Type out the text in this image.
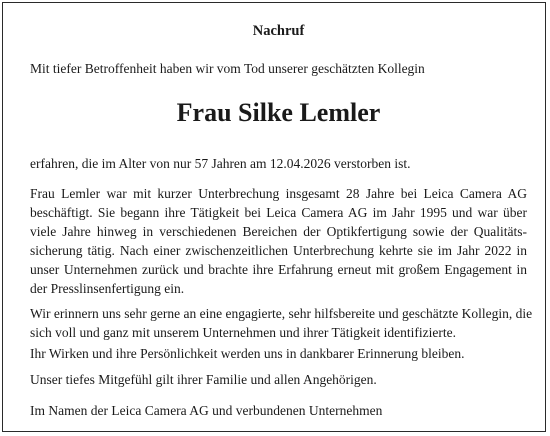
Nachruf

Mit tiefer Betroffenheit haben wir vom Tod unserer geschätzten Kollegin

Frau Silke Lemler

erfahren, die im Alter von nur 57 Jahren am 12.04.2026 verstorben ist.

Frau Lemler war mit kurzer Unterbrechung insgesamt 28 Jahre bei Leica Camera AG
beschäftigt. Sie begann ihre Tätigkeit bei Leica Camera AG im Jahr 1995 und war über
viele Jahre hinweg in verschiedenen Bereichen der Optikfertigung sowie der Qualitäts-
sicherung tätig. Nach einer zwischenzeitlichen Unterbrechung kehrte sie im Jahr 2022 in
unser Unternehmen zurück und brachte ihre Erfahrung erneut mit großem Engagement in
der Presslinsenfertigung ein.

Wir erinnern uns sehr gerne an eine engagierte, sehr hilfsbereite und geschätzte Kollegin, die
sich voll und ganz mit unserem Unternehmen und ihrer Tätigkeit identifizierte.

Ihr Wirken und ihre Persönlichkeit werden uns in dankbarer Erinnerung bleiben.

Unser tiefes Mitgefühl gilt ihrer Familie und allen Angehörigen.

Im Namen der Leica Camera AG und verbundenen Unternehmen
